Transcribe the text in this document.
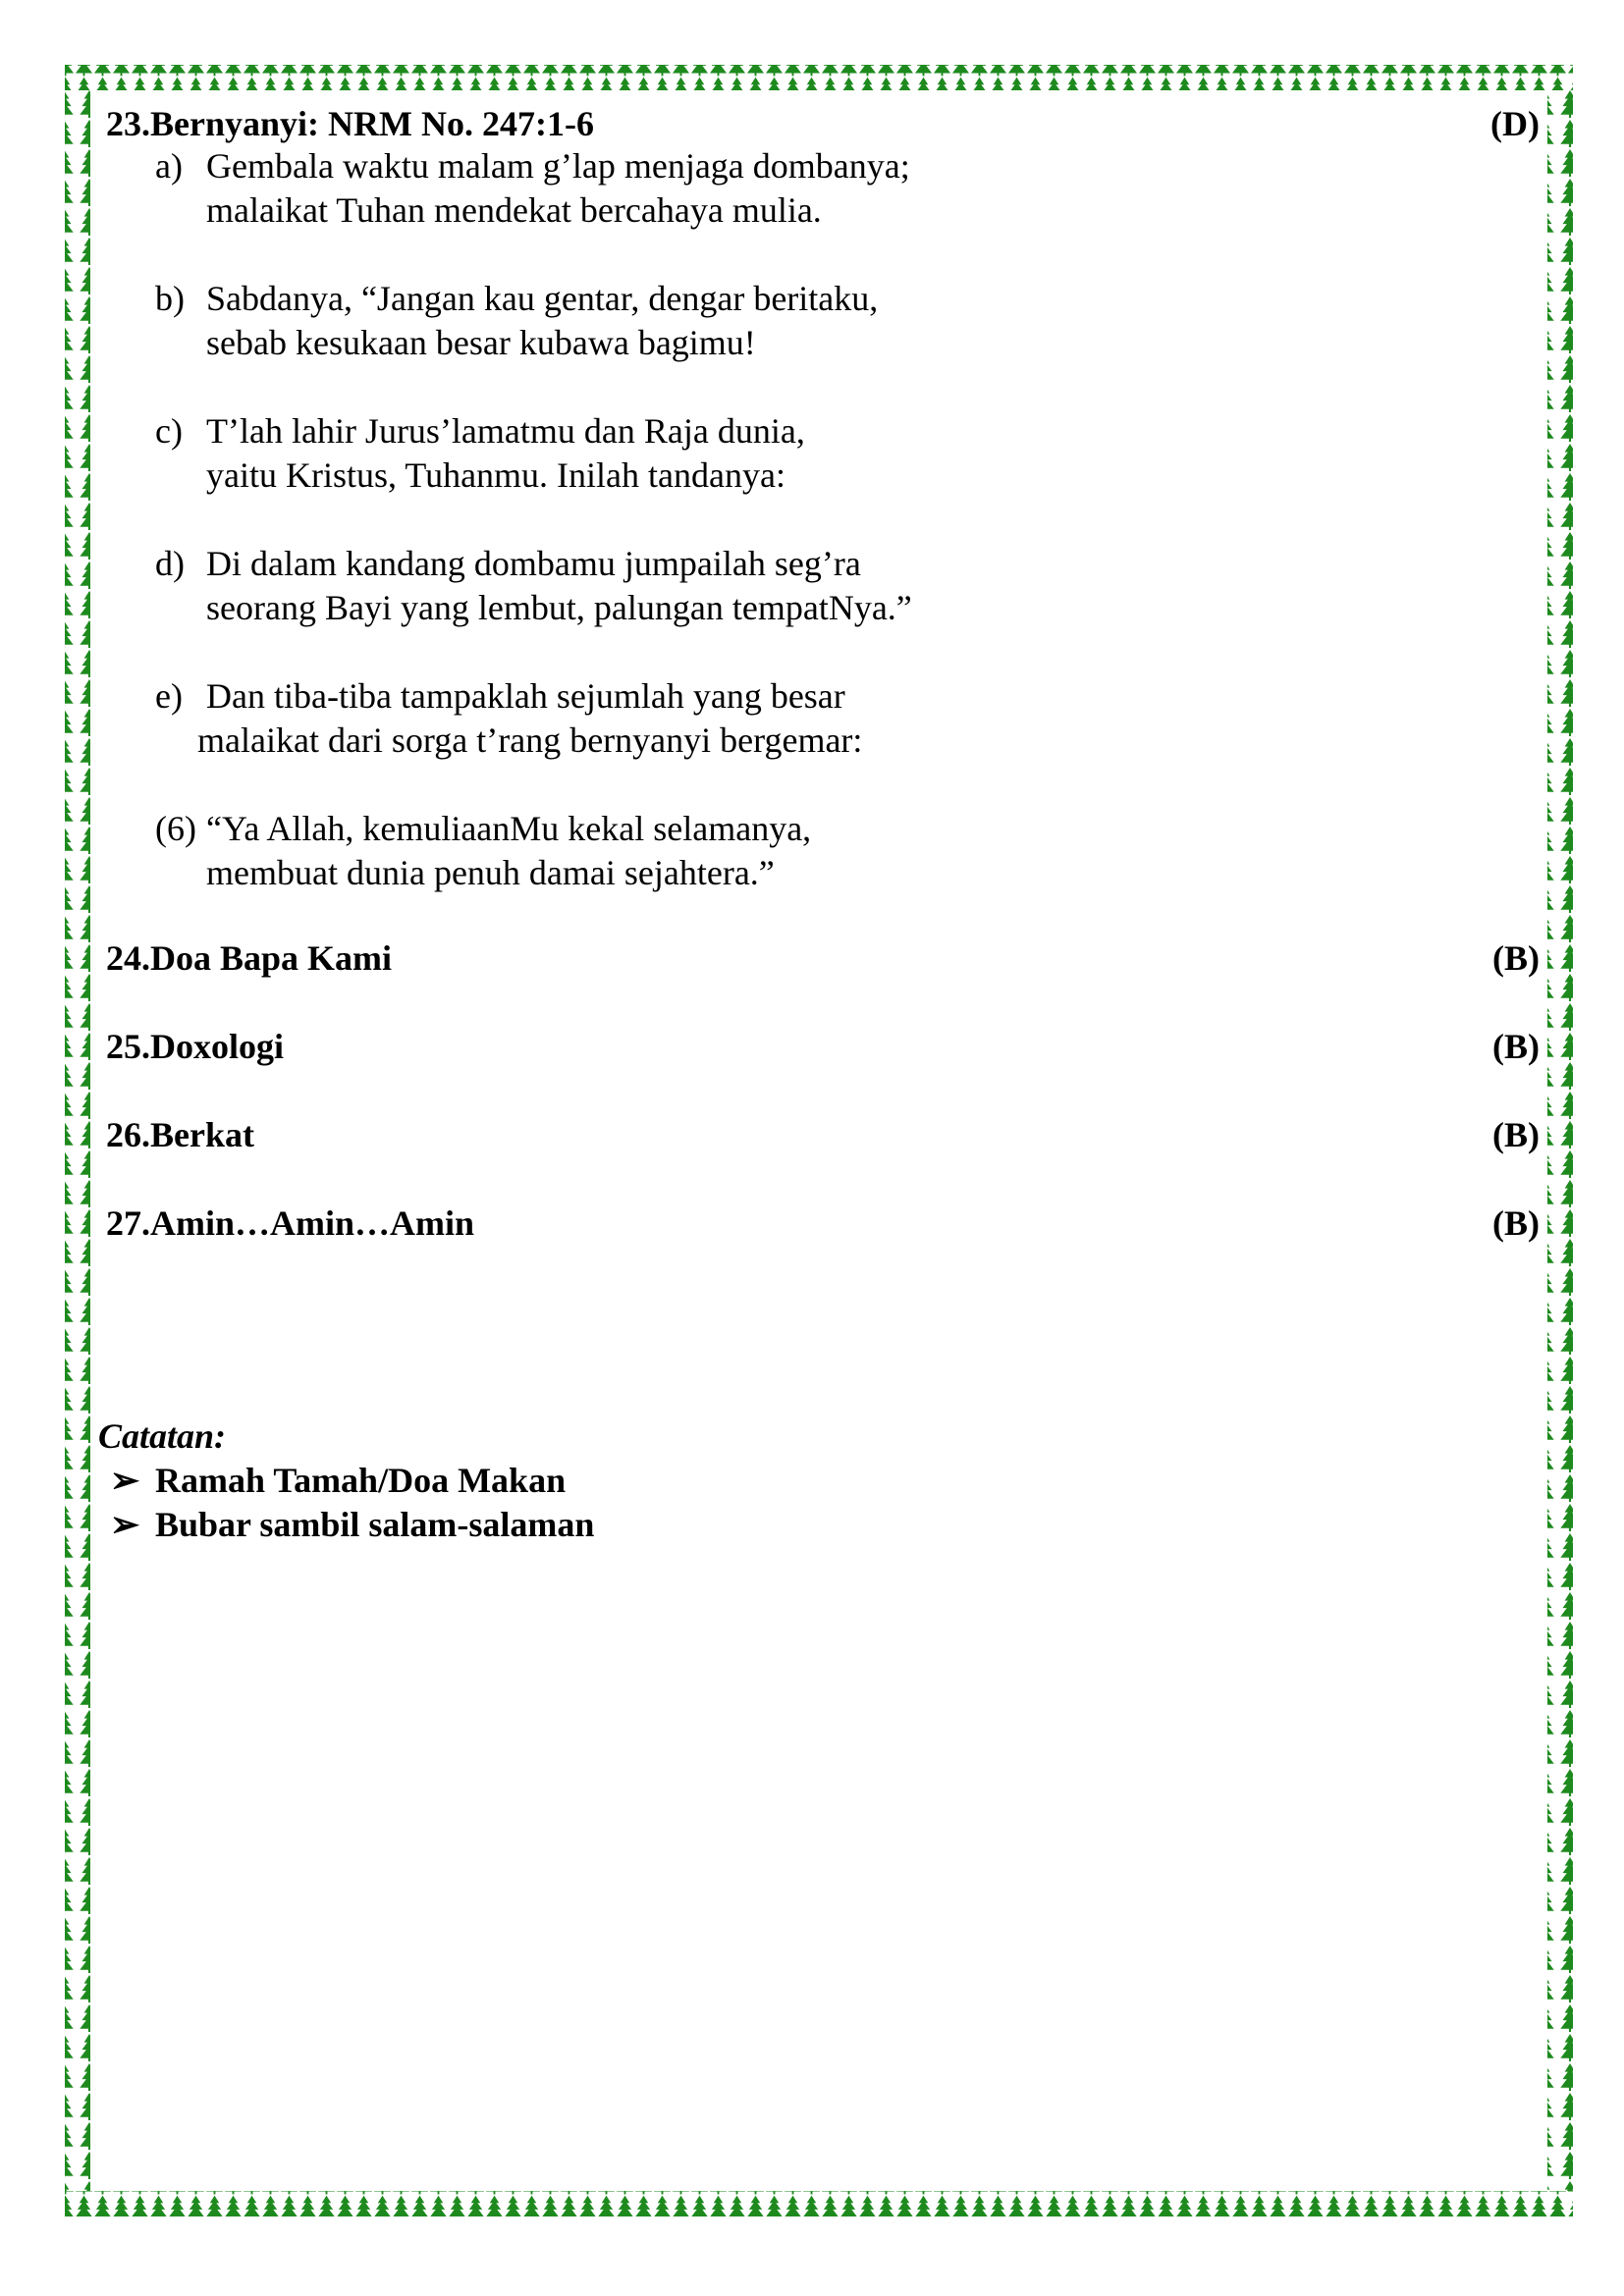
23.Bernyanyi: NRM No. 247:1-6	(D)
a) Gembala waktu malam g’lap menjaga dombanya;
malaikat Tuhan mendekat bercahaya mulia.
b) Sabdanya, “Jangan kau gentar, dengar beritaku,
sebab kesukaan besar kubawa bagimu!
c) T’lah lahir Jurus’lamatmu dan Raja dunia,
yaitu Kristus, Tuhanmu. Inilah tandanya:
d) Di dalam kandang dombamu jumpailah seg’ra
seorang Bayi yang lembut, palungan tempatNya.”
e) Dan tiba-tiba tampaklah sejumlah yang besar
malaikat dari sorga t’rang bernyanyi bergemar:
(6) “Ya Allah, kemuliaanMu kekal selamanya,
membuat dunia penuh damai sejahtera.”
24.Doa Bapa Kami	(B)
25.Doxologi	(B)
26.Berkat	(B)
27.Amin…Amin…Amin	(B)
Catatan:
➢ Ramah Tamah/Doa Makan
➢ Bubar sambil salam-salaman
